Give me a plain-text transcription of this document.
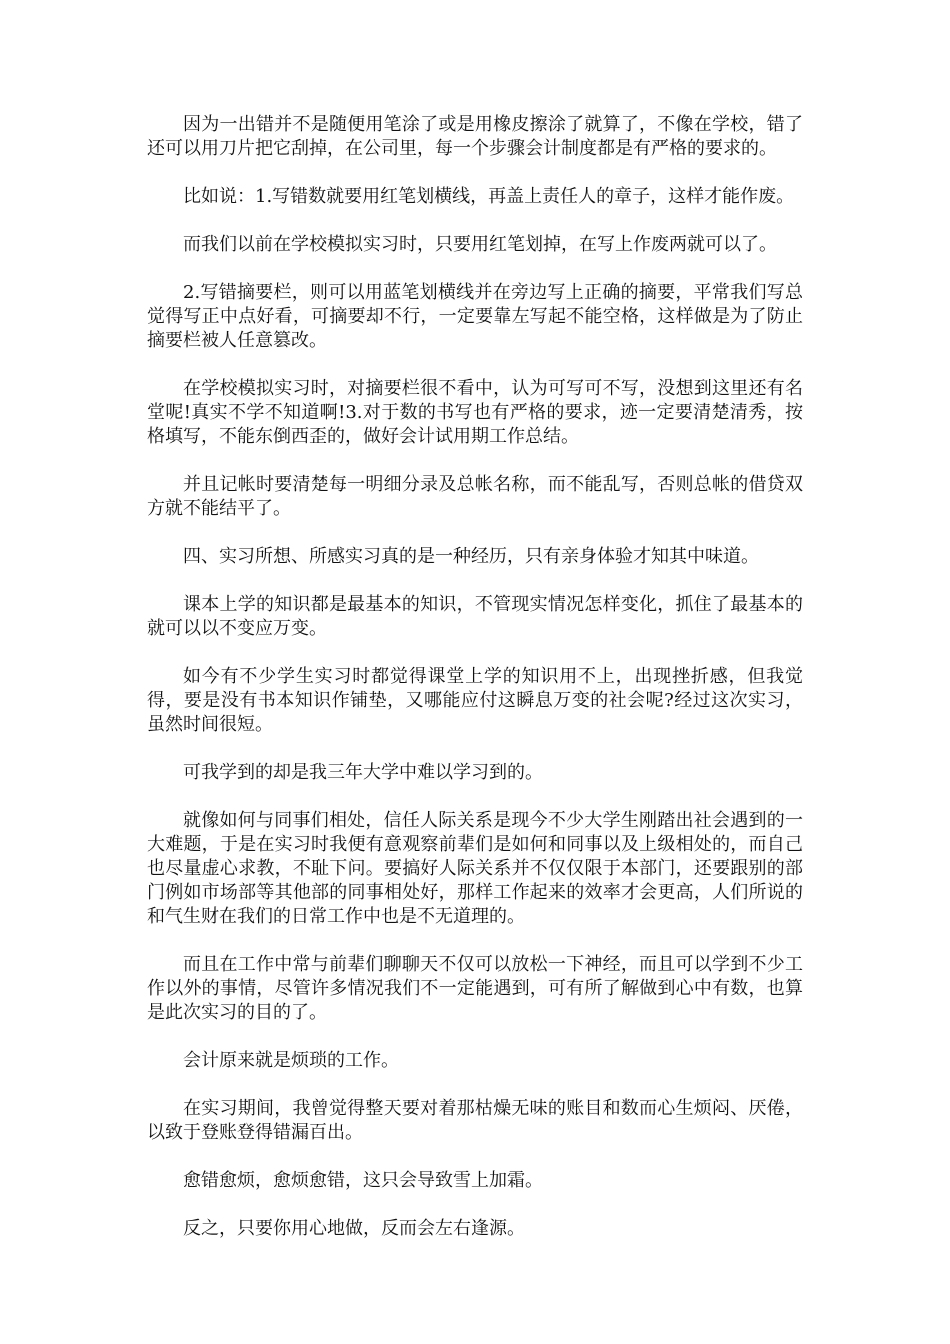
因为一出错并不是随便用笔涂了或是用橡皮擦涂了就算了，不像在学校，错了还可以用刀片把它刮掉，在公司里，每一个步骤会计制度都是有严格的要求的。

比如说：1.写错数就要用红笔划横线，再盖上责任人的章子，这样才能作废。

而我们以前在学校模拟实习时，只要用红笔划掉，在写上作废两就可以了。

2.写错摘要栏，则可以用蓝笔划横线并在旁边写上正确的摘要，平常我们写总觉得写正中点好看，可摘要却不行，一定要靠左写起不能空格，这样做是为了防止摘要栏被人任意篡改。

在学校模拟实习时，对摘要栏很不看中，认为可写可不写，没想到这里还有名堂呢!真实不学不知道啊!3.对于数的书写也有严格的要求，迹一定要清楚清秀，按格填写，不能东倒西歪的，做好会计试用期工作总结。

并且记帐时要清楚每一明细分录及总帐名称，而不能乱写，否则总帐的借贷双方就不能结平了。

四、实习所想、所感实习真的是一种经历，只有亲身体验才知其中味道。

课本上学的知识都是最基本的知识，不管现实情况怎样变化，抓住了最基本的就可以以不变应万变。

如今有不少学生实习时都觉得课堂上学的知识用不上，出现挫折感，但我觉得，要是没有书本知识作铺垫，又哪能应付这瞬息万变的社会呢?经过这次实习，虽然时间很短。

可我学到的却是我三年大学中难以学习到的。

就像如何与同事们相处，信任人际关系是现今不少大学生刚踏出社会遇到的一大难题，于是在实习时我便有意观察前辈们是如何和同事以及上级相处的，而自己也尽量虚心求教，不耻下问。要搞好人际关系并不仅仅限于本部门，还要跟别的部门例如市场部等其他部的同事相处好，那样工作起来的效率才会更高，人们所说的和气生财在我们的日常工作中也是不无道理的。

而且在工作中常与前辈们聊聊天不仅可以放松一下神经，而且可以学到不少工作以外的事情，尽管许多情况我们不一定能遇到，可有所了解做到心中有数，也算是此次实习的目的了。

会计原来就是烦琐的工作。

在实习期间，我曾觉得整天要对着那枯燥无味的账目和数而心生烦闷、厌倦，以致于登账登得错漏百出。

愈错愈烦，愈烦愈错，这只会导致雪上加霜。

反之，只要你用心地做，反而会左右逢源。
